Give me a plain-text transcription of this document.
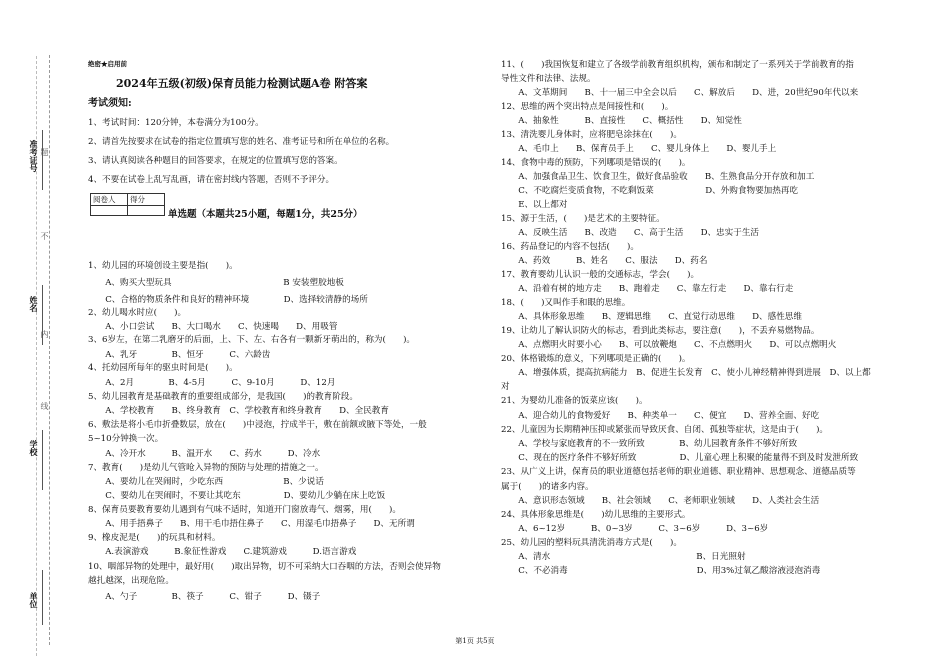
准考证号
姓名
学校
单位
线
内
题
不
绝密★启用前
2024年五级(初级)保育员能力检测试题A卷 附答案
考试须知:
1、考试时间：120分钟，本卷满分为100分。
2、请首先按要求在试卷的指定位置填写您的姓名、准考证号和所在单位的名称。
3、请认真阅读各种题目的回答要求，在规定的位置填写您的答案。
4、不要在试卷上乱写乱画，请在密封线内答题，否则不予评分。
阅卷人	得分

单选题（本题共25小题，每题1分，共25分）
1、幼儿园的环境创设主要是指(　　)。
　　A、购买大型玩具　　　　　　　　　　　　　B 安装塑胶地板
　　C、合格的物质条件和良好的精神环境　　　　D、选择较清静的场所
2、幼儿喝水时应(　　)。
　　A、小口尝试　　B、大口喝水　　C、快速喝　　D、用吸管
3、6岁左，在第二乳磨牙的后面，上、下、左、右各有一颗新牙萌出的，称为(　　)。
　　A、乳牙　　　　B、恒牙　　　C、六龄齿
4、托幼园所每年的驱虫时间是(　　)。
　　A、2月　　　　B、4-5月　　　C、9-10月　　　D、12月
5、幼儿园教育是基础教育的重要组成部分，是我国(　　)的教育阶段。
　　A、学校教育　　B、终身教育　C、学校教育和终身教育　　D、全民教育
6、敷法是将小毛巾折叠数层，放在(　　)中浸泡，拧成半干，敷在前额或腋下等处，一般
5~10分钟换一次。
　　A、冷开水　　　B、温开水　　C、药水　　　D、冷水
7、教育(　　)是幼儿气管呛入异物的预防与处理的措施之一。
　　A、要幼儿在哭闹时，少吃东西　　　　　　　B、少说话
　　C、要幼儿在哭闹时，不要让其吃东　　　　　D、要幼儿少躺在床上吃饭
8、保育员要教育要幼儿遇到有气味不适时，知道开门窗放毒气、烟雾，用(　　)。
　　A、用手捂鼻子　　B、用干毛巾捂住鼻子　　C、用湿毛巾捂鼻子　　D、无所谓
9、橡皮泥是(　　)的玩具和材料。
　　A.表演游戏　　　B.象征性游戏　　C.建筑游戏　　　D.语言游戏
10、咽部异物的处理中，最好用(　　)取出异物，切不可采纳大口吞咽的方法，否则会使异物
越扎越深，出现危险。
　　A、勺子　　　　B、筷子　　　C、钳子　　　D、镊子
11、(　　)我国恢复和建立了各级学前教育组织机构，颁布和制定了一系列关于学前教育的指
导性文件和法律、法规。
　　A、文革期间　　B、十一届三中全会以后　　C、解放后　　D、进，20世纪90年代以来
12、思维的两个突出特点是间接性和(　　)。
　　A、抽象性　　　B、直接性　　C、概括性　　D、知觉性
13、清洗婴儿身体时，应将肥皂涂抹在(　　)。
　　A、毛巾上　　B、保育员手上　　C、婴儿身体上　　D、婴儿手上
14、食物中毒的预防，下列哪项是错误的(　　)。
　　A、加强食品卫生、饮食卫生，做好食品验收　　B、生熟食品分开存放和加工
　　C、不吃腐烂变质食物，不吃剩饭菜　　　　　　D、外购食物要加热再吃
　　E、以上都对
15、源于生活，(　　)是艺术的主要特征。
　　A、反映生活　　B、改造　　C、高于生活　　D、忠实于生活
16、药品登记的内容不包括(　　)。
　　A、药效　　　B、姓名　　C、服法　　D、药名
17、教育婴幼儿认识一般的交通标志，学会(　　)。
　　A、沿着有树的地方走　　B、跑着走　　C、靠左行走　　D、靠右行走
18、(　　)又叫作手和眼的思维。
　　A、具体形象思维　　B、逻辑思维　　C、直觉行动思维　　D、感性思维
19、让幼儿了解认识防火的标志，看到此类标志，要注意(　　)，不丢弃易燃物品。
　　A、点燃明火时要小心　　B、可以放鞭炮　　C、不点燃明火　　D、可以点燃明火
20、体格锻炼的意义，下列哪项是正确的(　　)。
　　A、增强体质，提高抗病能力　B、促进生长发育　C、使小儿神经精神得到进展　D、以上都
对
21、为婴幼儿准备的饭菜应该(　　)。
　　A、迎合幼儿的食物爱好　　B、种类单一　　C、便宜　　D、营养全面、好吃
22、儿童因为长期精神压抑或紧张而导致厌食、自闭、孤独等症状，这是由于(　　)。
　　A、学校与家庭教育的不一致所致　　　　B、幼儿园教育条件不够好所致
　　C、现在的医疗条件不够好所致　　　　　D、儿童心理上积聚的能量得不到及时发泄所致
23、从广义上讲，保育员的职业道德包括老师的职业道德、职业精神、思想观念、道德品质等
属于(　　)的诸多内容。
　　A、意识形态领域　　B、社会领域　　C、老师职业领域　　D、人类社会生活
24、具体形象思维是(　　)幼儿思维的主要形式。
　　A、6~12岁　　　B、0~3岁　　　C、3~6岁　　　D、3~6岁
25、幼儿园的塑料玩具清洗消毒方式是(　　)。
　　A、清水　　　　　　　　　　　　　　　　　B、日光照射
　　C、不必消毒　　　　　　　　　　　　　　　D、用3%过氧乙酸溶液浸泡消毒
第1页 共5页
